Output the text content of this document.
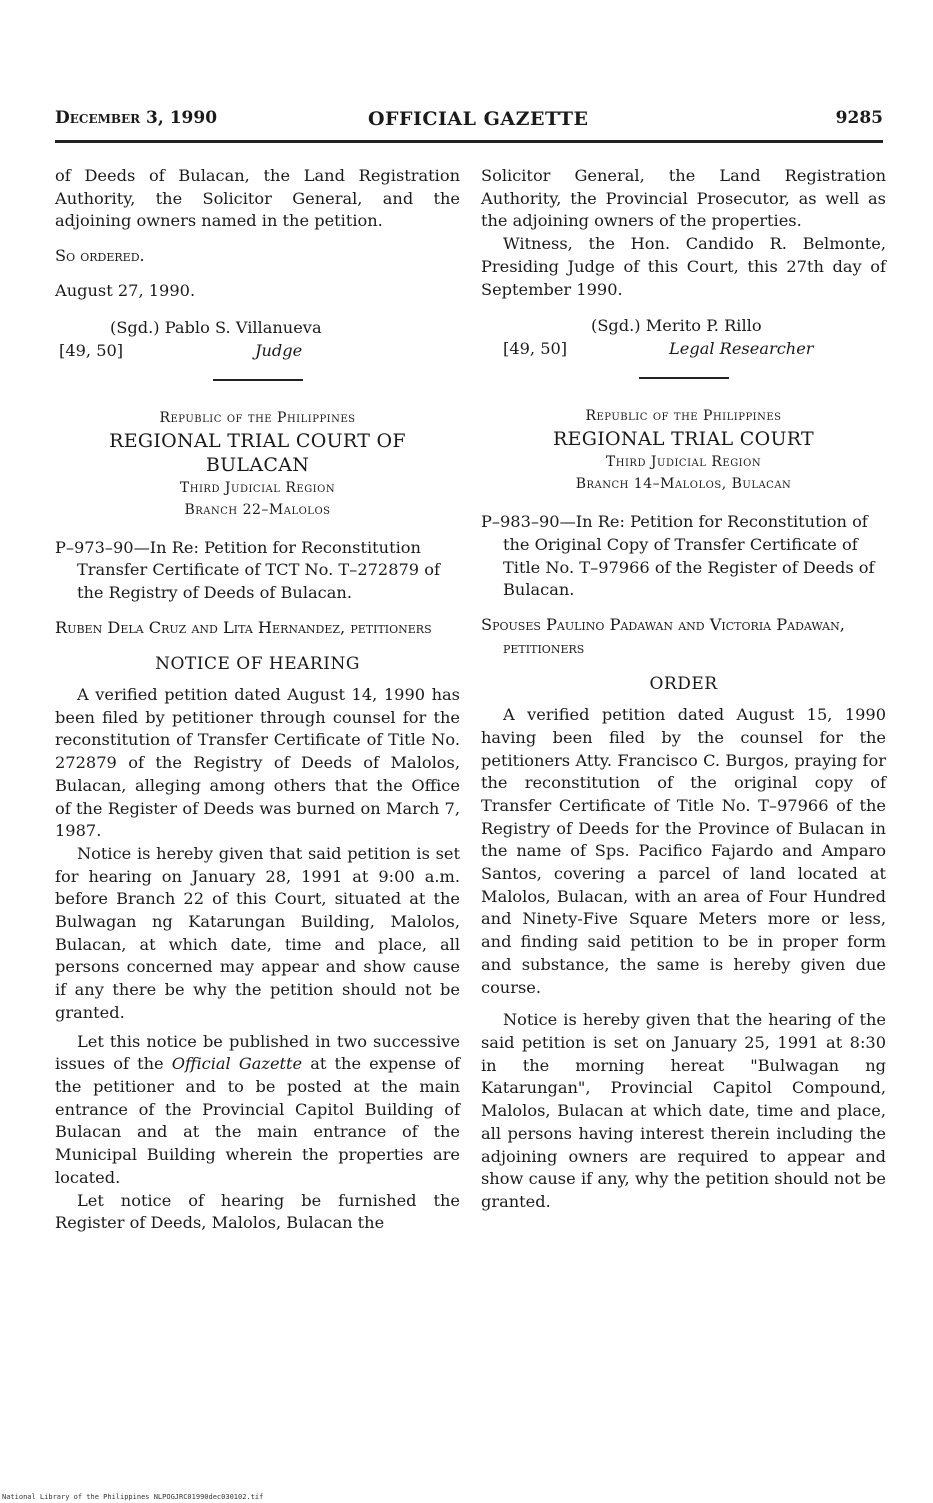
December 3, 1990	OFFICIAL GAZETTE	9285

of Deeds of Bulacan, the Land Registration Authority, the Solicitor General, and the adjoining owners named in the petition.

So ordered.

August 27, 1990.

(Sgd.) Pablo S. Villanueva
[49, 50]	Judge
Republic of the Philippines
REGIONAL TRIAL COURT OF BULACAN
Third Judicial Region
Branch 22–Malolos

P–973–90—In Re: Petition for Reconstitution Transfer Certificate of TCT No. T–272879 of the Registry of Deeds of Bulacan.

Ruben Dela Cruz and Lita Hernandez, petitioners

NOTICE OF HEARING

A verified petition dated August 14, 1990 has been filed by petitioner through counsel for the reconstitution of Transfer Certificate of Title No. 272879 of the Registry of Deeds of Malolos, Bulacan, alleging among others that the Office of the Register of Deeds was burned on March 7, 1987.

Notice is hereby given that said petition is set for hearing on January 28, 1991 at 9:00 a.m. before Branch 22 of this Court, situated at the Bulwagan ng Katarungan Building, Malolos, Bulacan, at which date, time and place, all persons concerned may appear and show cause if any there be why the petition should not be granted.

Let this notice be published in two successive issues of the Official Gazette at the expense of the petitioner and to be posted at the main entrance of the Provincial Capitol Building of Bulacan and at the main entrance of the Municipal Building wherein the properties are located.

Let notice of hearing be furnished the Register of Deeds, Malolos, Bulacan the

Solicitor General, the Land Registration Authority, the Provincial Prosecutor, as well as the adjoining owners of the properties.

Witness, the Hon. Candido R. Belmonte, Presiding Judge of this Court, this 27th day of September 1990.

(Sgd.) Merito P. Rillo
[49, 50]	Legal Researcher
Republic of the Philippines
REGIONAL TRIAL COURT
Third Judicial Region
Branch 14–Malolos, Bulacan

P–983–90—In Re: Petition for Reconstitution of the Original Copy of Transfer Certificate of Title No. T–97966 of the Register of Deeds of Bulacan.

Spouses Paulino Padawan and Victoria Padawan, petitioners

ORDER

A verified petition dated August 15, 1990 having been filed by the counsel for the petitioners Atty. Francisco C. Burgos, praying for the reconstitution of the original copy of Transfer Certificate of Title No. T–97966 of the Registry of Deeds for the Province of Bulacan in the name of Sps. Pacifico Fajardo and Amparo Santos, covering a parcel of land located at Malolos, Bulacan, with an area of Four Hundred and Ninety-Five Square Meters more or less, and finding said petition to be in proper form and substance, the same is hereby given due course.

Notice is hereby given that the hearing of the said petition is set on January 25, 1991 at 8:30 in the morning hereat "Bulwagan ng Katarungan", Provincial Capitol Compound, Malolos, Bulacan at which date, time and place, all persons having interest therein including the adjoining owners are required to appear and show cause if any, why the petition should not be granted.

National Library of the Philippines NLPOGJRC01990dec030102.tif
